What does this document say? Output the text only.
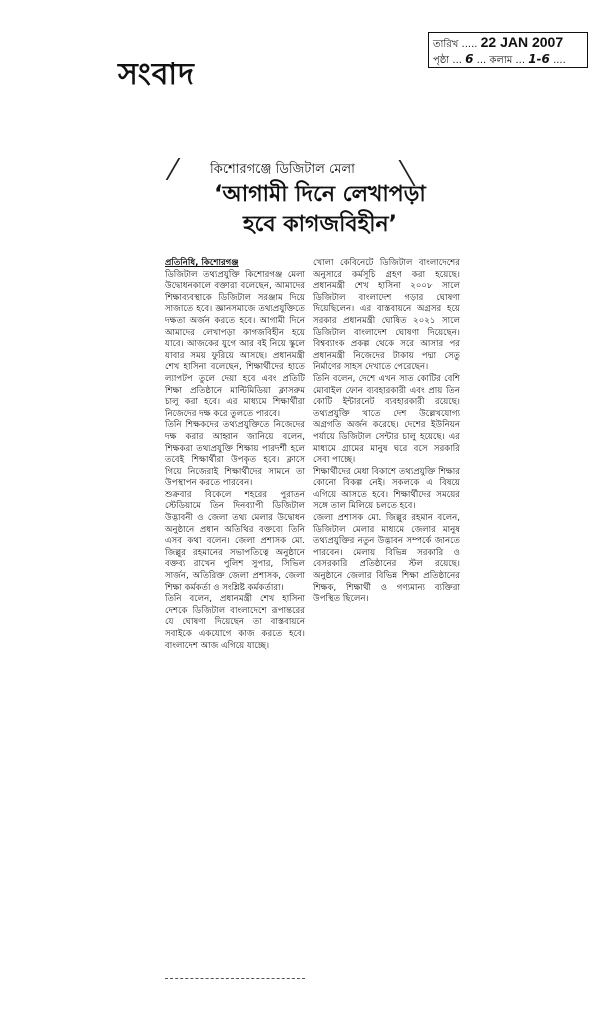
সংবাদ
তারিখ ..... 22 JAN 2007
পৃষ্ঠা ... 6 ... কলাম ... 1-6 ....
কিশোরগঞ্জে ডিজিটাল মেলা
‘আগামী দিনে লেখাপড়া
হবে কাগজবিহীন’

প্রতিনিধি, কিশোরগঞ্জ

ডিজিটাল তথ্যপ্রযুক্তি কিশোরগঞ্জ মেলা উদ্বোধনকালে বক্তারা বলেছেন, আমাদের শিক্ষাব্যবস্থাকে ডিজিটাল সরঞ্জাম দিয়ে সাজাতে হবে। জ্ঞানসমাজে তথ্যপ্রযুক্তিতে দক্ষতা অর্জন করতে হবে। আগামী দিনে আমাদের লেখাপড়া কাগজবিহীন হয়ে যাবে। আজকের যুগে আর বই নিয়ে স্কুলে যাবার সময় ফুরিয়ে আসছে। প্রধানমন্ত্রী শেখ হাসিনা বলেছেন, শিক্ষার্থীদের হাতে ল্যাপটপ তুলে দেয়া হবে এবং প্রতিটি শিক্ষা প্রতিষ্ঠানে মাল্টিমিডিয়া ক্লাসরুম চালু করা হবে। এর মাধ্যমে শিক্ষার্থীরা নিজেদের দক্ষ করে তুলতে পারবে।

তিনি শিক্ষকদের তথ্যপ্রযুক্তিতে নিজেদের দক্ষ করার আহ্বান জানিয়ে বলেন, শিক্ষকরা তথ্যপ্রযুক্তি শিক্ষায় পারদর্শী হলে তবেই শিক্ষার্থীরা উপকৃত হবে। ক্লাসে গিয়ে নিজেরাই শিক্ষার্থীদের সামনে তা উপস্থাপন করতে পারবেন।

শুক্রবার বিকেলে শহরের পুরাতন স্টেডিয়ামে তিন দিনব্যাপী ডিজিটাল উদ্ভাবনী ও জেলা তথ্য মেলার উদ্বোধন অনুষ্ঠানে প্রধান অতিথির বক্তব্যে তিনি এসব কথা বলেন। জেলা প্রশাসক মো. জিল্লুর রহমানের সভাপতিত্বে অনুষ্ঠানে বক্তব্য রাখেন পুলিশ সুপার, সিভিল সার্জন, অতিরিক্ত জেলা প্রশাসক, জেলা শিক্ষা কর্মকর্তা ও সংশ্লিষ্ট কর্মকর্তারা।

তিনি বলেন, প্রধানমন্ত্রী শেখ হাসিনা দেশকে ডিজিটাল বাংলাদেশে রূপান্তরের যে ঘোষণা দিয়েছেন তা বাস্তবায়নে সবাইকে একযোগে কাজ করতে হবে। বাংলাদেশ আজ এগিয়ে যাচ্ছে।

খোলা কেবিনেটে ডিজিটাল বাংলাদেশের অনুসারে কর্মসূচি গ্রহণ করা হয়েছে। প্রধানমন্ত্রী শেখ হাসিনা ২০০৮ সালে ডিজিটাল বাংলাদেশ গড়ার ঘোষণা দিয়েছিলেন। এর বাস্তবায়নে অগ্রসর হয়ে সরকার প্রধানমন্ত্রী ঘোষিত ২০২১ সালে ডিজিটাল বাংলাদেশ ঘোষণা দিয়েছেন। বিশ্বব্যাংক প্রকল্প থেকে সরে আসার পর প্রধানমন্ত্রী নিজেদের টাকায় পদ্মা সেতু নির্মাণের সাহস দেখাতে পেরেছেন।

তিনি বলেন, দেশে এখন সাত কোটির বেশি মোবাইল ফোন ব্যবহারকারী এবং প্রায় তিন কোটি ইন্টারনেট ব্যবহারকারী রয়েছে। তথ্যপ্রযুক্তি খাতে দেশ উল্লেখযোগ্য অগ্রগতি অর্জন করেছে। দেশের ইউনিয়ন পর্যায়ে ডিজিটাল সেন্টার চালু হয়েছে। এর মাধ্যমে গ্রামের মানুষ ঘরে বসে সরকারি সেবা পাচ্ছে।

শিক্ষার্থীদের মেধা বিকাশে তথ্যপ্রযুক্তি শিক্ষার কোনো বিকল্প নেই। সকলকে এ বিষয়ে এগিয়ে আসতে হবে। শিক্ষার্থীদের সময়ের সঙ্গে তাল মিলিয়ে চলতে হবে।

জেলা প্রশাসক মো. জিল্লুর রহমান বলেন, ডিজিটাল মেলার মাধ্যমে জেলার মানুষ তথ্যপ্রযুক্তির নতুন উদ্ভাবন সম্পর্কে জানতে পারবেন। মেলায় বিভিন্ন সরকারি ও বেসরকারি প্রতিষ্ঠানের স্টল রয়েছে। অনুষ্ঠানে জেলার বিভিন্ন শিক্ষা প্রতিষ্ঠানের শিক্ষক, শিক্ষার্থী ও গণ্যমান্য ব্যক্তিরা উপস্থিত ছিলেন।
